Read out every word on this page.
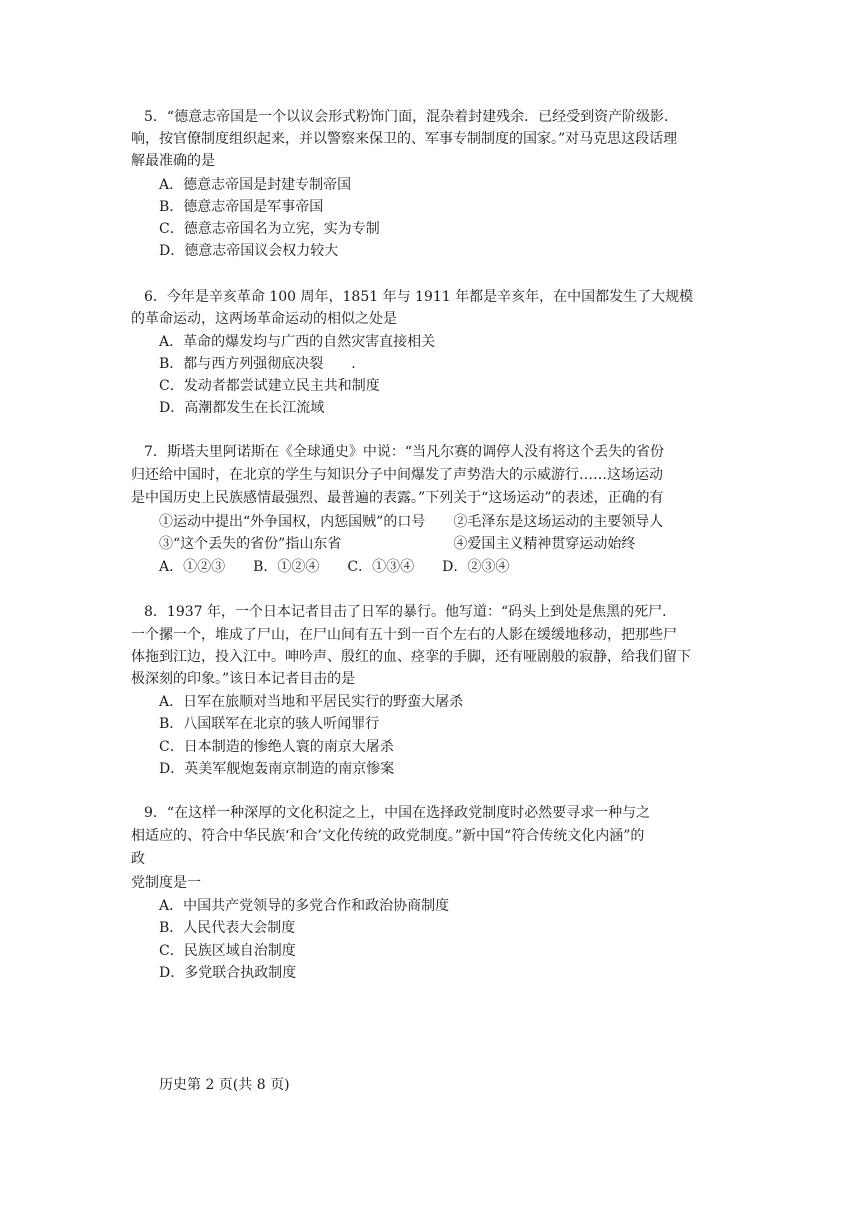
5．“德意志帝国是一个以议会形式粉饰门面，混杂着封建残余．已经受到资产阶级影．
响，按官僚制度组织起来，并以警察来保卫的、军事专制制度的国家。”对马克思这段话理
解最准确的是
A．德意志帝国是封建专制帝国
B．德意志帝国是军事帝国
C．德意志帝国名为立宪，实为专制
D．德意志帝国议会权力较大
6．今年是辛亥革命 100 周年，1851 年与 1911 年都是辛亥年，在中国都发生了大规模
的革命运动，这两场革命运动的相似之处是
A．革命的爆发均与广西的自然灾害直接相关
B．都与西方列强彻底决裂　　.
C．发动者都尝试建立民主共和制度
D．高潮都发生在长江流域
7．斯塔夫里阿诺斯在《全球通史》中说：“当凡尔赛的调停人没有将这个丢失的省份
归还给中国时，在北京的学生与知识分子中间爆发了声势浩大的示威游行……这场运动
是中国历史上民族感情最强烈、最普遍的表露。”下列关于“这场运动”的表述，正确的有
①运动中提出“外争国权，内惩国贼”的口号　　②毛泽东是这场运动的主要领导人
③“这个丢失的省份”指山东省　　　　　　　　④爱国主义精神贯穿运动始终
A．①②③　　B．①②④　　C．①③④　　D．②③④
8．1937 年，一个日本记者目击了日军的暴行。他写道：“码头上到处是焦黑的死尸．
一个摞一个，堆成了尸山，在尸山间有五十到一百个左右的人影在缓缓地移动，把那些尸
体拖到江边，投入江中。呻吟声、殷红的血、痉挛的手脚，还有哑剧般的寂静，给我们留下
极深刻的印象。”该日本记者目击的是
A．日军在旅顺对当地和平居民实行的野蛮大屠杀
B．八国联军在北京的骇人听闻罪行
C．日本制造的惨绝人寰的南京大屠杀
D．英美军舰炮轰南京制造的南京惨案
9．“在这样一种深厚的文化积淀之上，中国在选择政党制度时必然要寻求一种与之
相适应的、符合中华民族‘和合’文化传统的政党制度。”新中国“符合传统文化内涵”的
政
党制度是一
A．中国共产党领导的多党合作和政治协商制度
B．人民代表大会制度
C．民族区域自治制度
D．多党联合执政制度
历史第 2 页(共 8 页)
